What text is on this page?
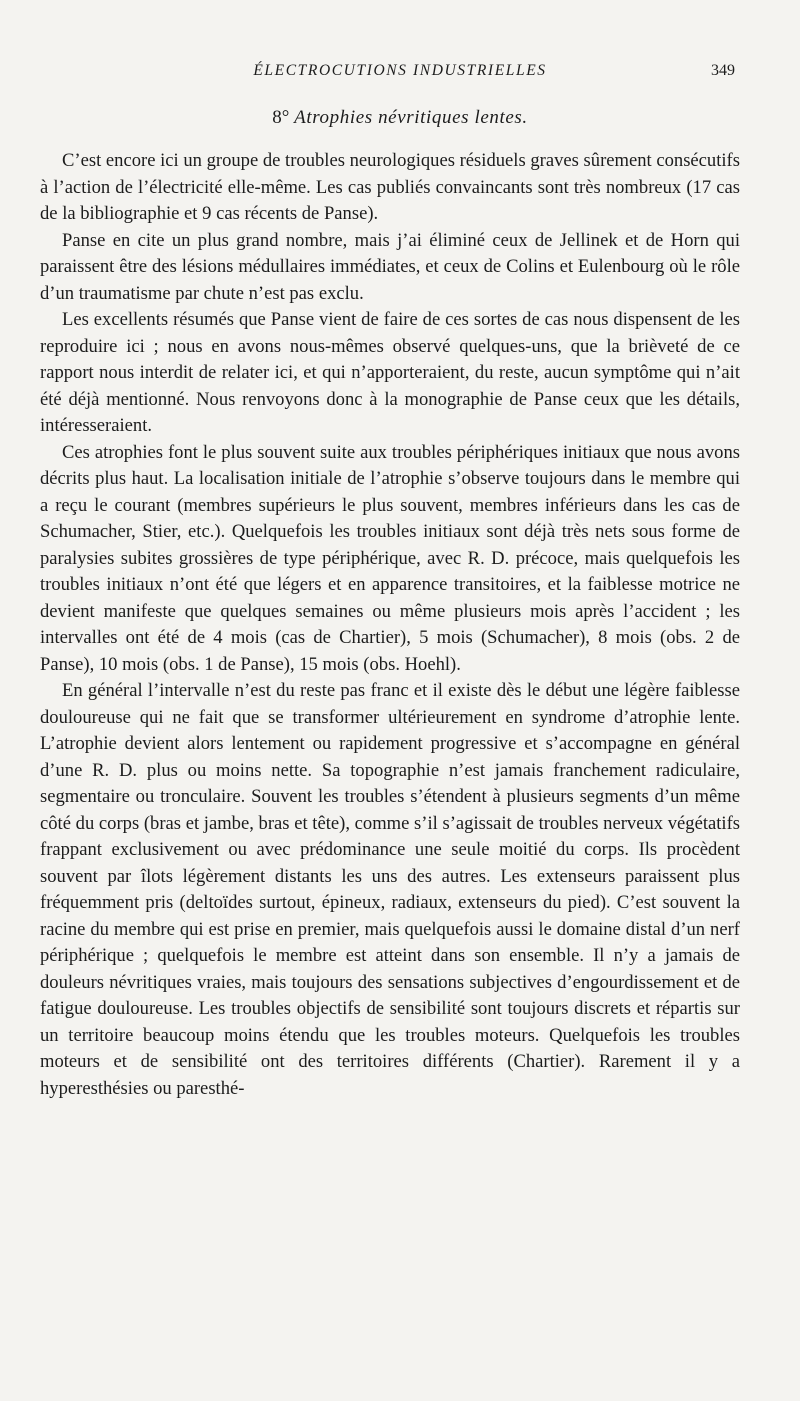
ÉLECTROCUTIONS INDUSTRIELLES	349
8° Atrophies névritiques lentes.

C’est encore ici un groupe de troubles neurologiques résiduels graves sûrement consécutifs à l’action de l’électricité elle-même. Les cas publiés convaincants sont très nombreux (17 cas de la bibliographie et 9 cas récents de Panse).

Panse en cite un plus grand nombre, mais j’ai éliminé ceux de Jellinek et de Horn qui paraissent être des lésions médullaires immédiates, et ceux de Colins et Eulenbourg où le rôle d’un traumatisme par chute n’est pas exclu.

Les excellents résumés que Panse vient de faire de ces sortes de cas nous dispensent de les reproduire ici ; nous en avons nous-mêmes observé quelques-uns, que la brièveté de ce rapport nous interdit de relater ici, et qui n’apporteraient, du reste, aucun symptôme qui n’ait été déjà mentionné. Nous renvoyons donc à la monographie de Panse ceux que les détails, intéresseraient.

Ces atrophies font le plus souvent suite aux troubles périphériques initiaux que nous avons décrits plus haut. La localisation initiale de l’atrophie s’observe toujours dans le membre qui a reçu le courant (membres supérieurs le plus souvent, membres inférieurs dans les cas de Schumacher, Stier, etc.). Quelquefois les troubles initiaux sont déjà très nets sous forme de paralysies subites grossières de type périphérique, avec R. D. précoce, mais quelquefois les troubles initiaux n’ont été que légers et en apparence transitoires, et la faiblesse motrice ne devient manifeste que quelques semaines ou même plusieurs mois après l’accident ; les intervalles ont été de 4 mois (cas de Chartier), 5 mois (Schumacher), 8 mois (obs. 2 de Panse), 10 mois (obs. 1 de Panse), 15 mois (obs. Hoehl).

En général l’intervalle n’est du reste pas franc et il existe dès le début une légère faiblesse douloureuse qui ne fait que se transformer ultérieurement en syndrome d’atrophie lente. L’atrophie devient alors lentement ou rapidement progressive et s’accompagne en général d’une R. D. plus ou moins nette. Sa topographie n’est jamais franchement radiculaire, segmentaire ou tronculaire. Souvent les troubles s’étendent à plusieurs segments d’un même côté du corps (bras et jambe, bras et tête), comme s’il s’agissait de troubles nerveux végétatifs frappant exclusivement ou avec prédominance une seule moitié du corps. Ils procèdent souvent par îlots légèrement distants les uns des autres. Les extenseurs paraissent plus fréquemment pris (deltoïdes surtout, épineux, radiaux, extenseurs du pied). C’est souvent la racine du membre qui est prise en premier, mais quelquefois aussi le domaine distal d’un nerf périphérique ; quelquefois le membre est atteint dans son ensemble. Il n’y a jamais de douleurs névritiques vraies, mais toujours des sensations subjectives d’engourdissement et de fatigue douloureuse. Les troubles objectifs de sensibilité sont toujours discrets et répartis sur un territoire beaucoup moins étendu que les troubles moteurs. Quelquefois les troubles moteurs et de sensibilité ont des territoires différents (Chartier). Rarement il y a hyperesthésies ou paresthé-
